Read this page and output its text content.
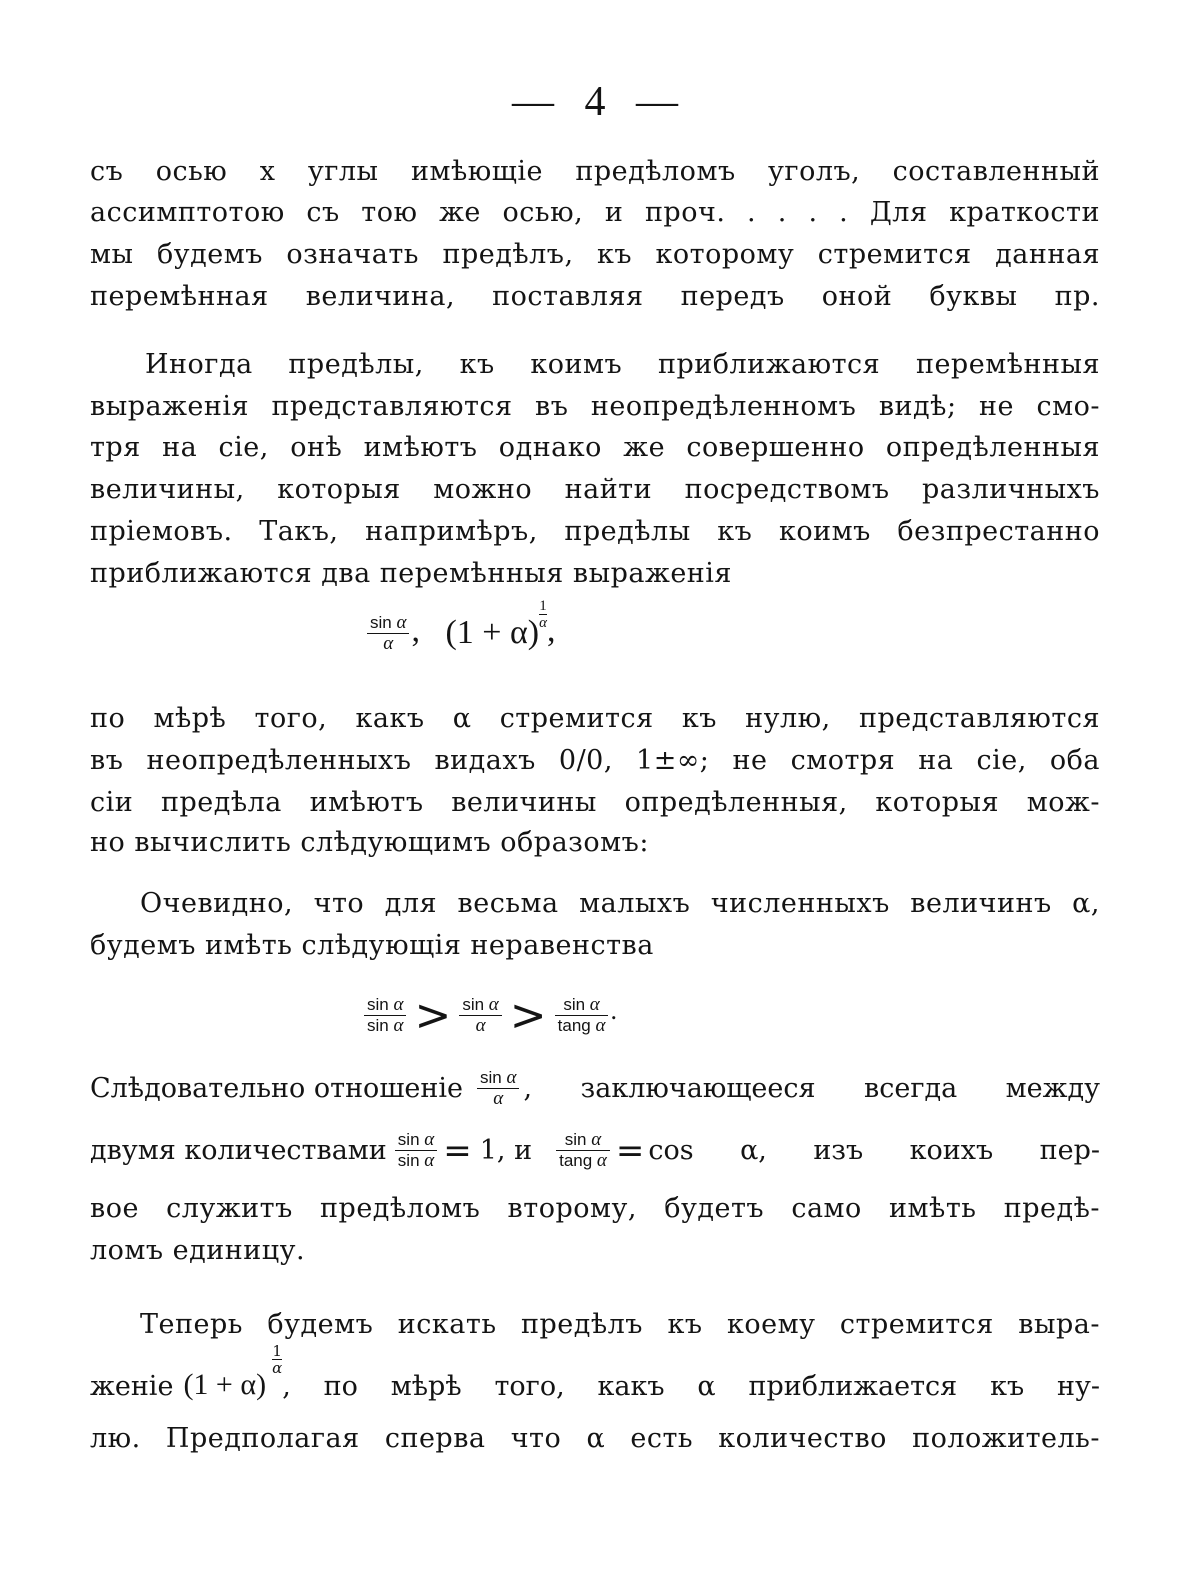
— 4 —
съ осью x углы имѣющіе предѣломъ уголъ, составленный
ассимптотою съ тою же осью, и проч. . . . . Для краткости
мы будемъ означать предѣлъ, къ которому стремится данная
перемѣнная величина, поставляя передъ оной буквы пр.
Иногда предѣлы, къ коимъ приближаются перемѣнныя
выраженія представляются въ неопредѣленномъ видѣ; не смо-
тря на сіе, онѣ имѣютъ однако же совершенно опредѣленныя
величины, которыя можно найти посредствомъ различныхъ
пріемовъ. Такъ, напримѣръ, предѣлы къ коимъ безпрестанно
приближаются два перемѣнныя выраженія
$\frac{\text{sin α}}{\alpha}$ , $(1 + \alpha) \frac{1}{\alpha}$ ,
по мѣрѣ того, какъ α стремится къ нулю, представляются
въ неопредѣленныхъ видахъ 0/0, 1±∞; не смотря на сіе, оба
сіи предѣла имѣютъ величины опредѣленныя, которыя мож-
но вычислить слѣдующимъ образомъ:
Очевидно, что для весьма малыхъ численныхъ величинъ α,
будемъ имѣть слѣдующія неравенства
$\frac{\text{sin α}}{\text{sin α}} > \frac{\text{sin α}}{\alpha} > \frac{\text{sin α}}{\text{tang α}}$ .
Слѣдовательно отношеніе $\frac{\text{sin α}}{\alpha}$ , заключающееся всегда между
двумя количествами $\frac{\text{sin α}}{\text{sin α}} = 1$, и $\frac{\text{sin α}}{\text{tang α}} = \cos \alpha$, изъ коихъ пер-
вое служитъ предѣломъ второму, будетъ само имѣть предѣ-
ломъ единицу.
Теперь будемъ искать предѣлъ къ коему стремится выра-
женіе (1 + α)
$\frac{1}{\alpha}$
, по мѣрѣ того, какъ α приближается къ ну-
лю. Предполагая сперва что α есть количество положитель-
